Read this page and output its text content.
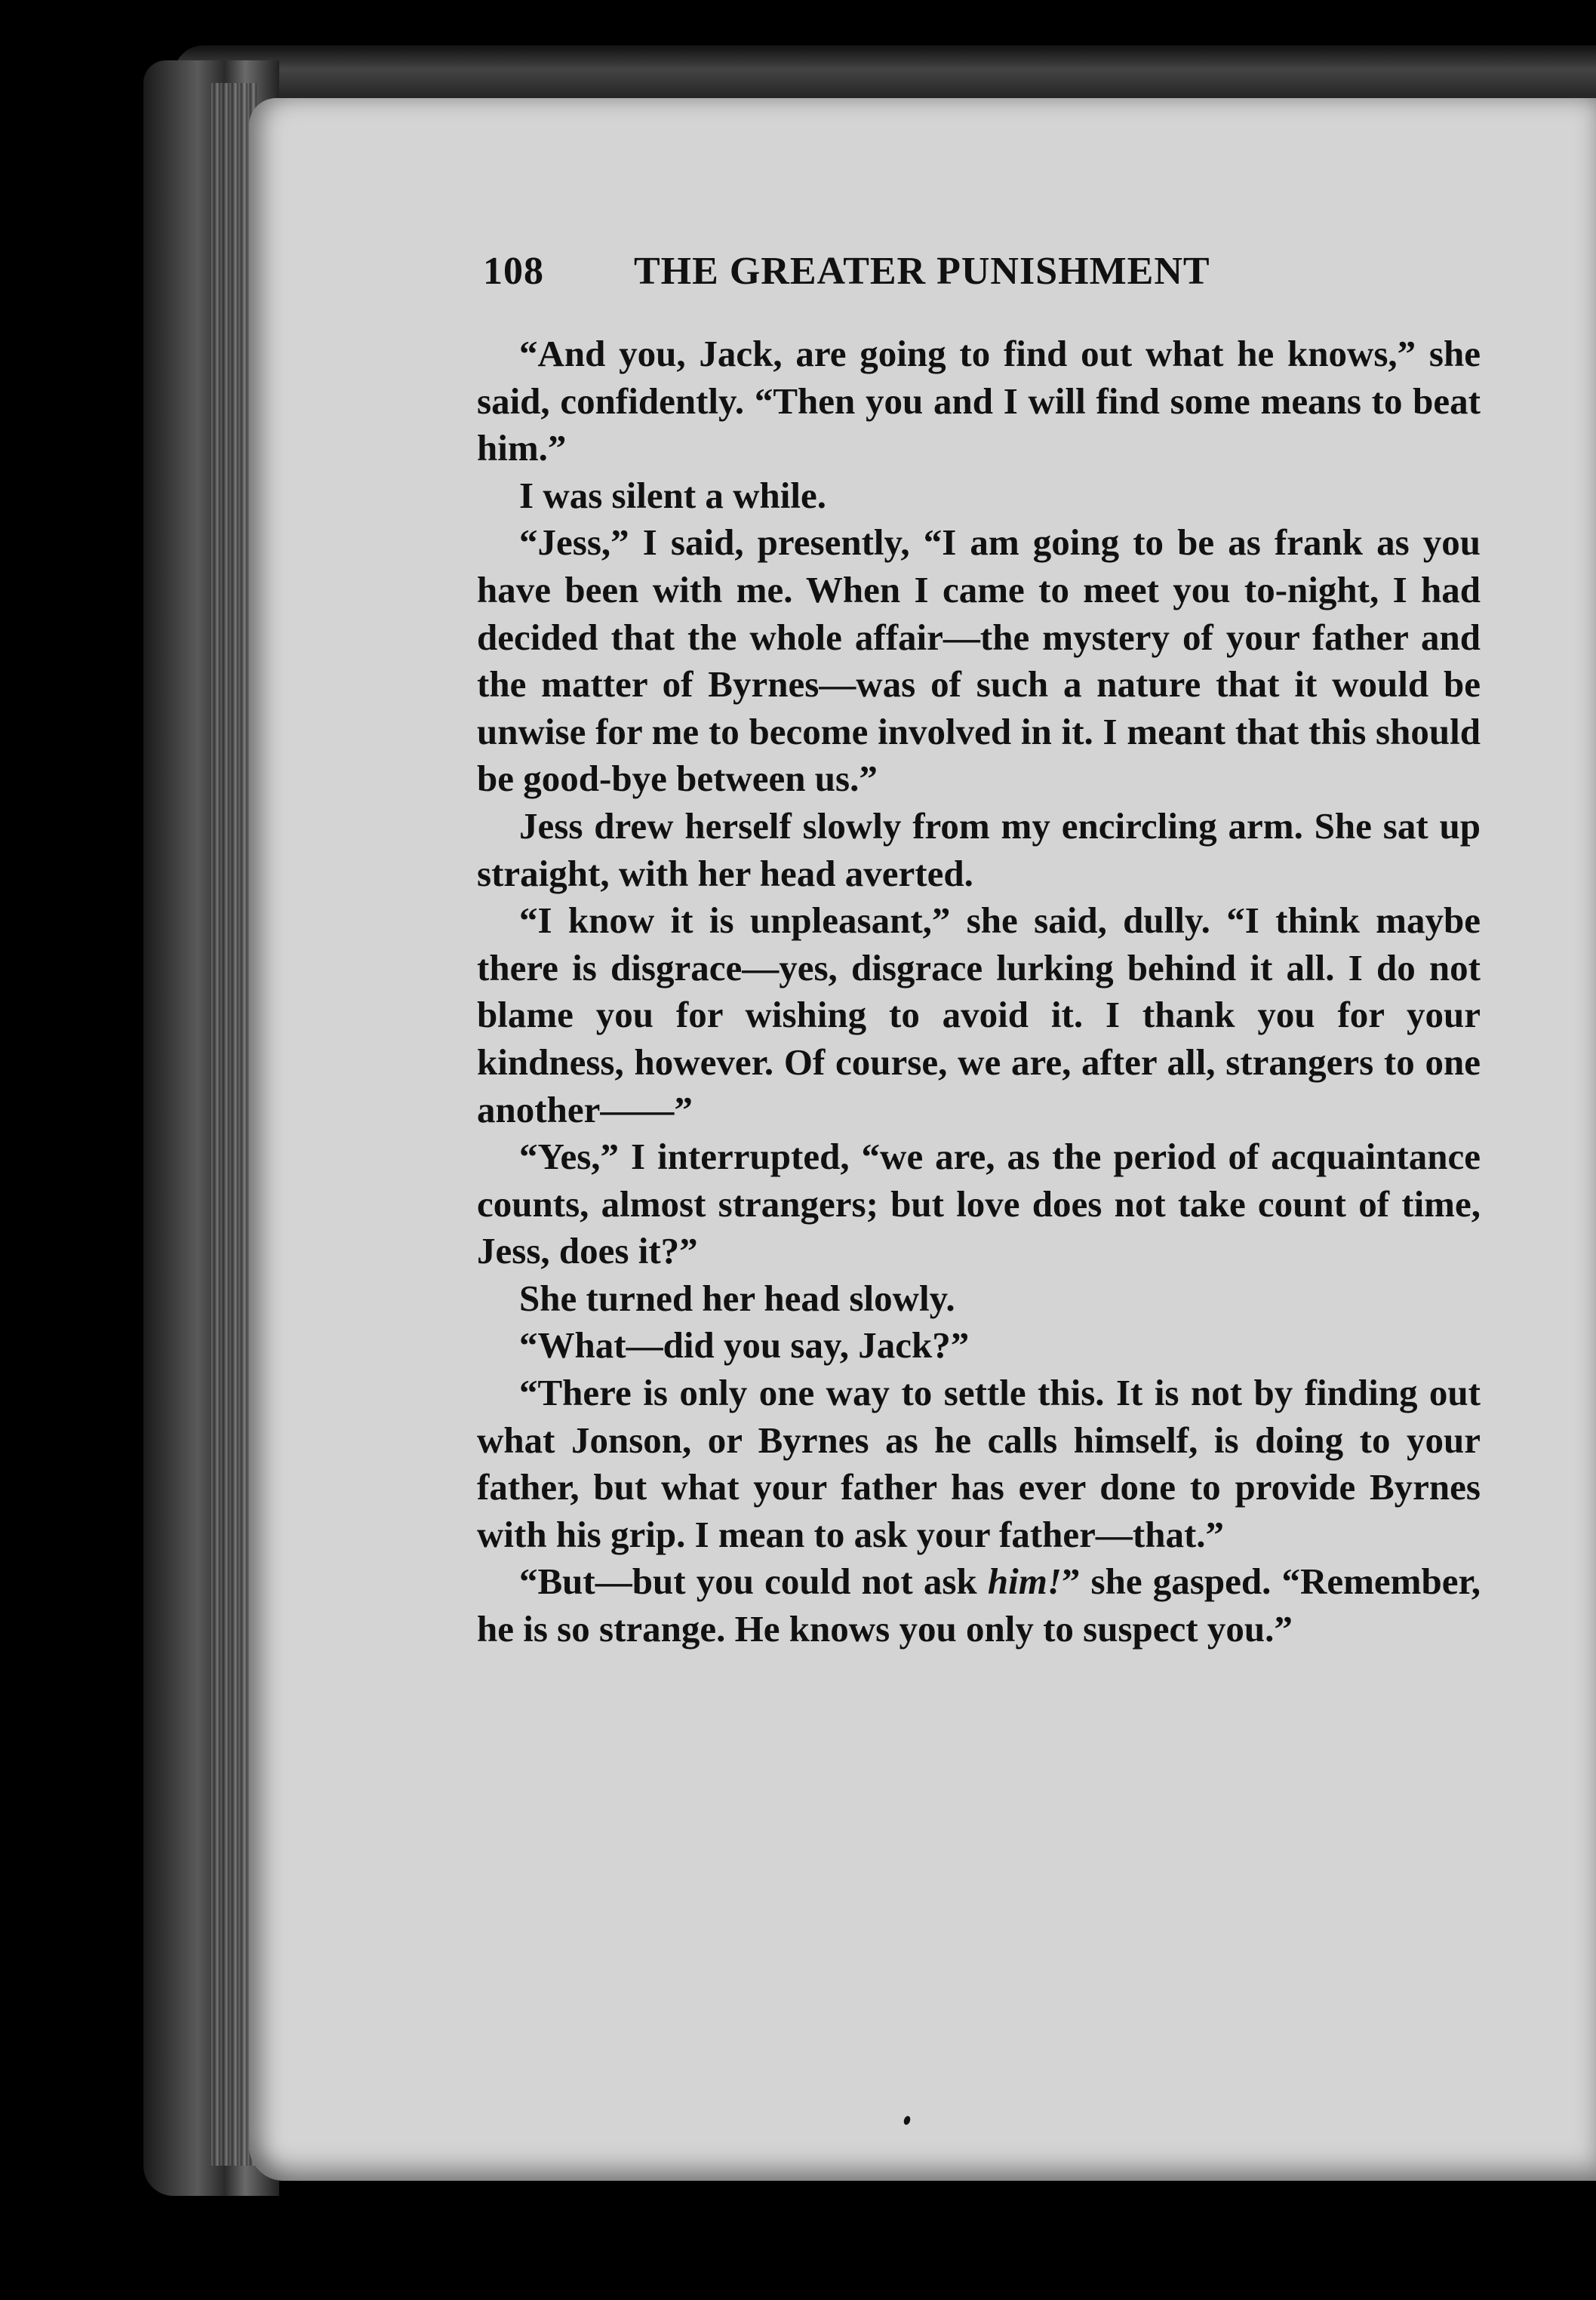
108 THE GREATER PUNISHMENT

“And you, Jack, are going to find out what he knows,” she said, confidently. “Then you and I will find some means to beat him.”

I was silent a while.

“Jess,” I said, presently, “I am going to be as frank as you have been with me. When I came to meet you to-night, I had decided that the whole affair—the mystery of your father and the matter of Byrnes—was of such a nature that it would be unwise for me to become involved in it. I meant that this should be good-bye between us.”

Jess drew herself slowly from my encircling arm. She sat up straight, with her head averted.

“I know it is unpleasant,” she said, dully. “I think maybe there is disgrace—yes, disgrace lurking behind it all. I do not blame you for wishing to avoid it. I thank you for your kindness, however. Of course, we are, after all, strangers to one another——”

“Yes,” I interrupted, “we are, as the period of acquaintance counts, almost strangers; but love does not take count of time, Jess, does it?”

She turned her head slowly.

“What—did you say, Jack?”

“There is only one way to settle this. It is not by finding out what Jonson, or Byrnes as he calls himself, is doing to your father, but what your father has ever done to provide Byrnes with his grip. I mean to ask your father—that.”

“But—but you could not ask him!” she gasped. “Remember, he is so strange. He knows you only to suspect you.”
